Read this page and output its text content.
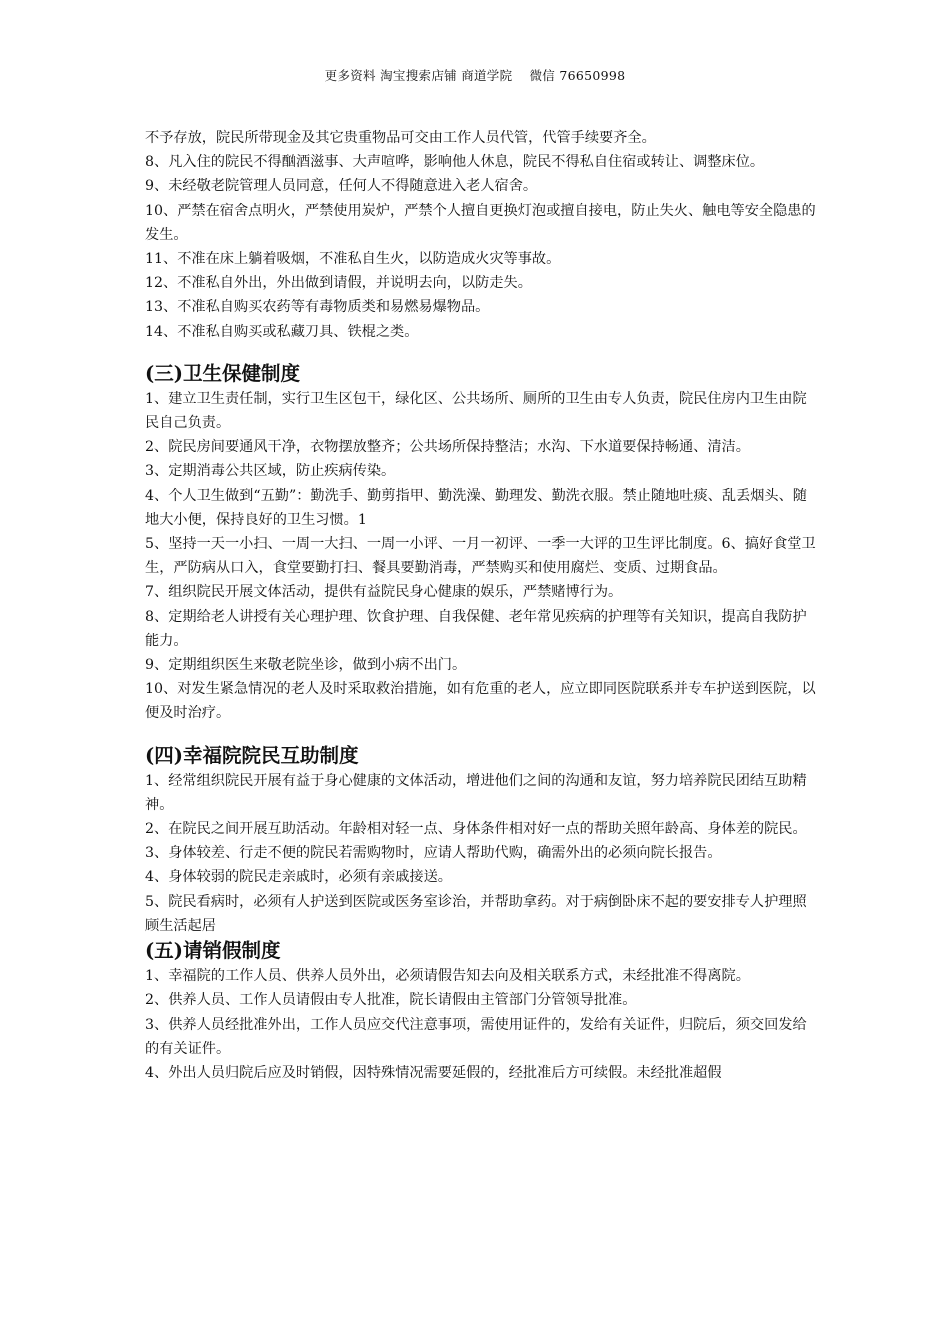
更多资料 淘宝搜索店铺 商道学院　 微信 76650998

不予存放，院民所带现金及其它贵重物品可交由工作人员代管，代管手续要齐全。

8、凡入住的院民不得酗酒滋事、大声喧哗，影响他人休息，院民不得私自住宿或转让、调整床位。

9、未经敬老院管理人员同意，任何人不得随意进入老人宿舍。

10、严禁在宿舍点明火，严禁使用炭炉，严禁个人擅自更换灯泡或擅自接电，防止失火、触电等安全隐患的发生。

11、不准在床上躺着吸烟，不准私自生火，以防造成火灾等事故。

12、不准私自外出，外出做到请假，并说明去向，以防走失。

13、不准私自购买农药等有毒物质类和易燃易爆物品。

14、不准私自购买或私藏刀具、铁棍之类。

(三)卫生保健制度

1、建立卫生责任制，实行卫生区包干，绿化区、公共场所、厕所的卫生由专人负责，院民住房内卫生由院民自己负责。

2、院民房间要通风干净，衣物摆放整齐；公共场所保持整洁；水沟、下水道要保持畅通、清洁。

3、定期消毒公共区域，防止疾病传染。

4、个人卫生做到“五勤”：勤洗手、勤剪指甲、勤洗澡、勤理发、勤洗衣服。禁止随地吐痰、乱丢烟头、随地大小便，保持良好的卫生习惯。1

5、坚持一天一小扫、一周一大扫、一周一小评、一月一初评、一季一大评的卫生评比制度。6、搞好食堂卫生，严防病从口入，食堂要勤打扫、餐具要勤消毒，严禁购买和使用腐烂、变质、过期食品。

7、组织院民开展文体活动，提供有益院民身心健康的娱乐，严禁赌博行为。

8、定期给老人讲授有关心理护理、饮食护理、自我保健、老年常见疾病的护理等有关知识，提高自我防护能力。

9、定期组织医生来敬老院坐诊，做到小病不出门。

10、对发生紧急情况的老人及时采取救治措施，如有危重的老人，应立即同医院联系并专车护送到医院，以便及时治疗。

(四)幸福院院民互助制度

1、经常组织院民开展有益于身心健康的文体活动，增进他们之间的沟通和友谊，努力培养院民团结互助精神。

2、在院民之间开展互助活动。年龄相对轻一点、身体条件相对好一点的帮助关照年龄高、身体差的院民。

3、身体较差、行走不便的院民若需购物时，应请人帮助代购，确需外出的必须向院长报告。

4、身体较弱的院民走亲戚时，必须有亲戚接送。

5、院民看病时，必须有人护送到医院或医务室诊治，并帮助拿药。对于病倒卧床不起的要安排专人护理照顾生活起居

(五)请销假制度

1、幸福院的工作人员、供养人员外出，必须请假告知去向及相关联系方式，未经批准不得离院。

2、供养人员、工作人员请假由专人批准，院长请假由主管部门分管领导批准。

3、供养人员经批准外出，工作人员应交代注意事项，需使用证件的，发给有关证件，归院后，须交回发给的有关证件。

4、外出人员归院后应及时销假，因特殊情况需要延假的，经批准后方可续假。未经批准超假
